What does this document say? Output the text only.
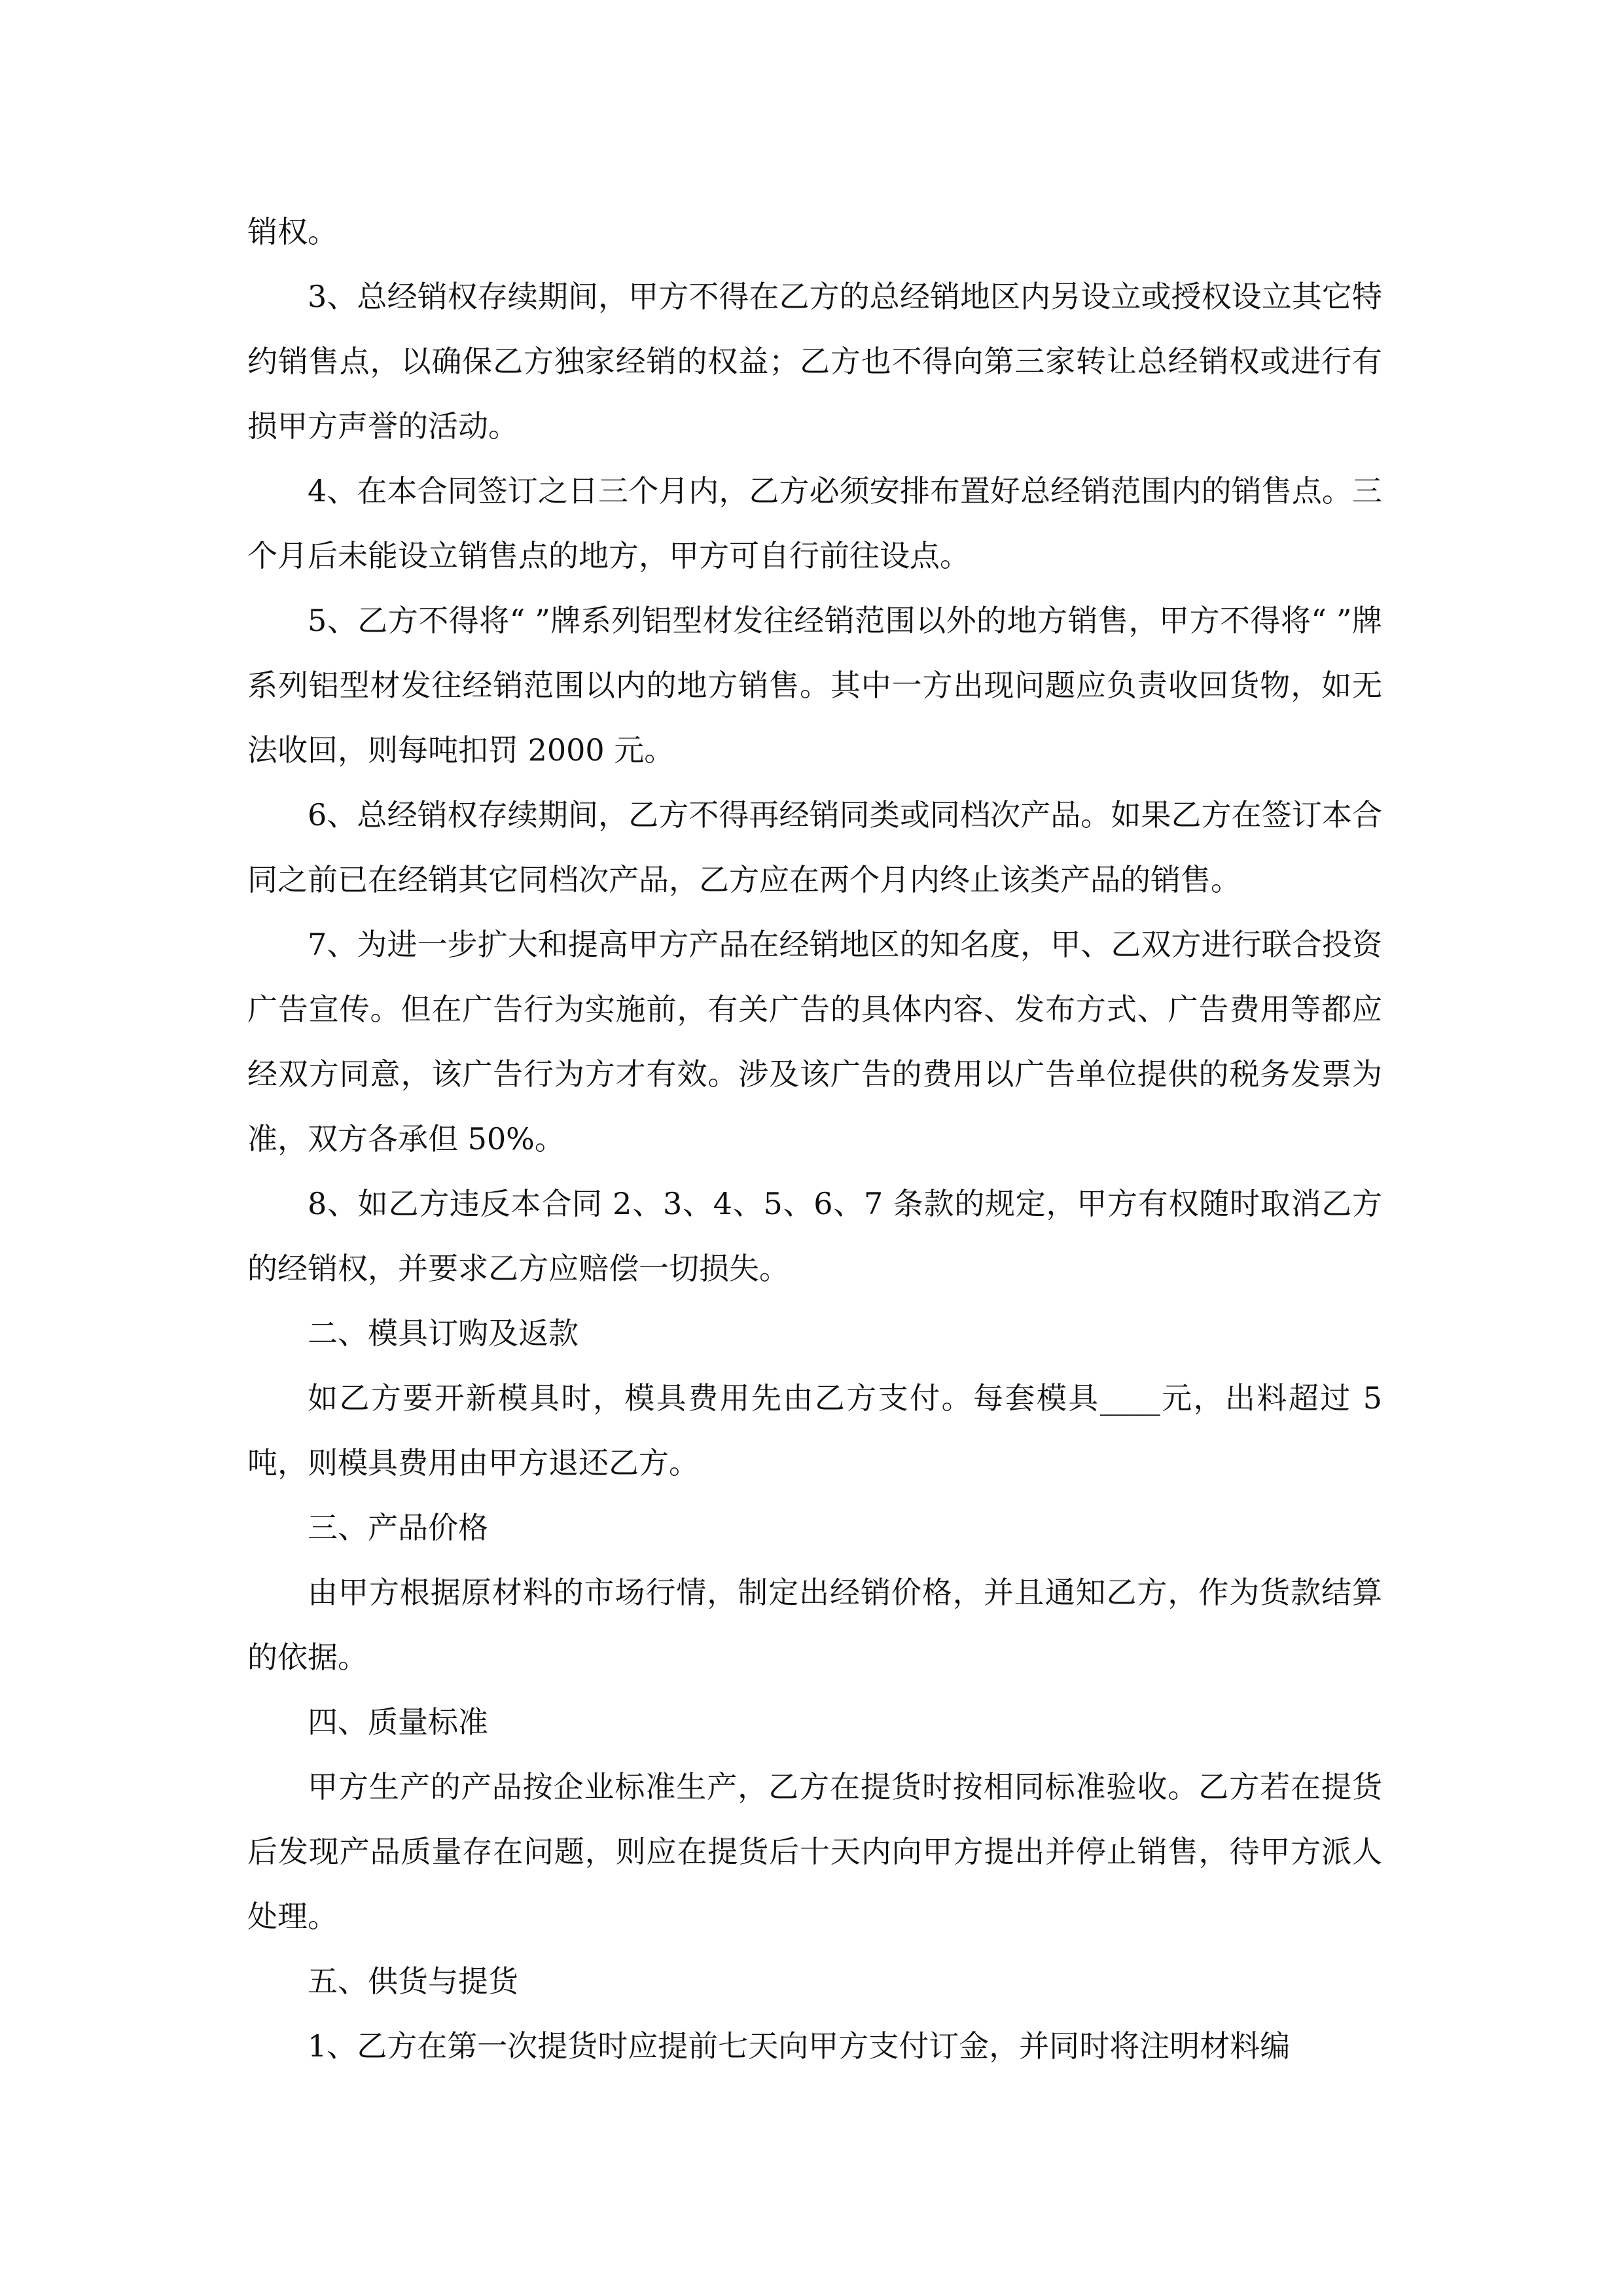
销权。

3、总经销权存续期间，甲方不得在乙方的总经销地区内另设立或授权设立其它特约销售点，以确保乙方独家经销的权益；乙方也不得向第三家转让总经销权或进行有损甲方声誉的活动。

4、在本合同签订之日三个月内，乙方必须安排布置好总经销范围内的销售点。三个月后未能设立销售点的地方，甲方可自行前往设点。

5、乙方不得将“ ”牌系列铝型材发往经销范围以外的地方销售，甲方不得将“ ”牌系列铝型材发往经销范围以内的地方销售。其中一方出现问题应负责收回货物，如无法收回，则每吨扣罚 2000 元。

6、总经销权存续期间，乙方不得再经销同类或同档次产品。如果乙方在签订本合同之前已在经销其它同档次产品，乙方应在两个月内终止该类产品的销售。

7、为进一步扩大和提高甲方产品在经销地区的知名度，甲、乙双方进行联合投资广告宣传。但在广告行为实施前，有关广告的具体内容、发布方式、广告费用等都应经双方同意，该广告行为方才有效。涉及该广告的费用以广告单位提供的税务发票为准，双方各承但 50%。

8、如乙方违反本合同 2、3、4、5、6、7 条款的规定，甲方有权随时取消乙方的经销权，并要求乙方应赔偿一切损失。

二、模具订购及返款

如乙方要开新模具时，模具费用先由乙方支付。每套模具____元，出料超过 5 吨，则模具费用由甲方退还乙方。

三、产品价格

由甲方根据原材料的市场行情，制定出经销价格，并且通知乙方，作为货款结算的依据。

四、质量标准

甲方生产的产品按企业标准生产，乙方在提货时按相同标准验收。乙方若在提货后发现产品质量存在问题，则应在提货后十天内向甲方提出并停止销售，待甲方派人处理。

五、供货与提货

1、乙方在第一次提货时应提前七天向甲方支付订金，并同时将注明材料编
